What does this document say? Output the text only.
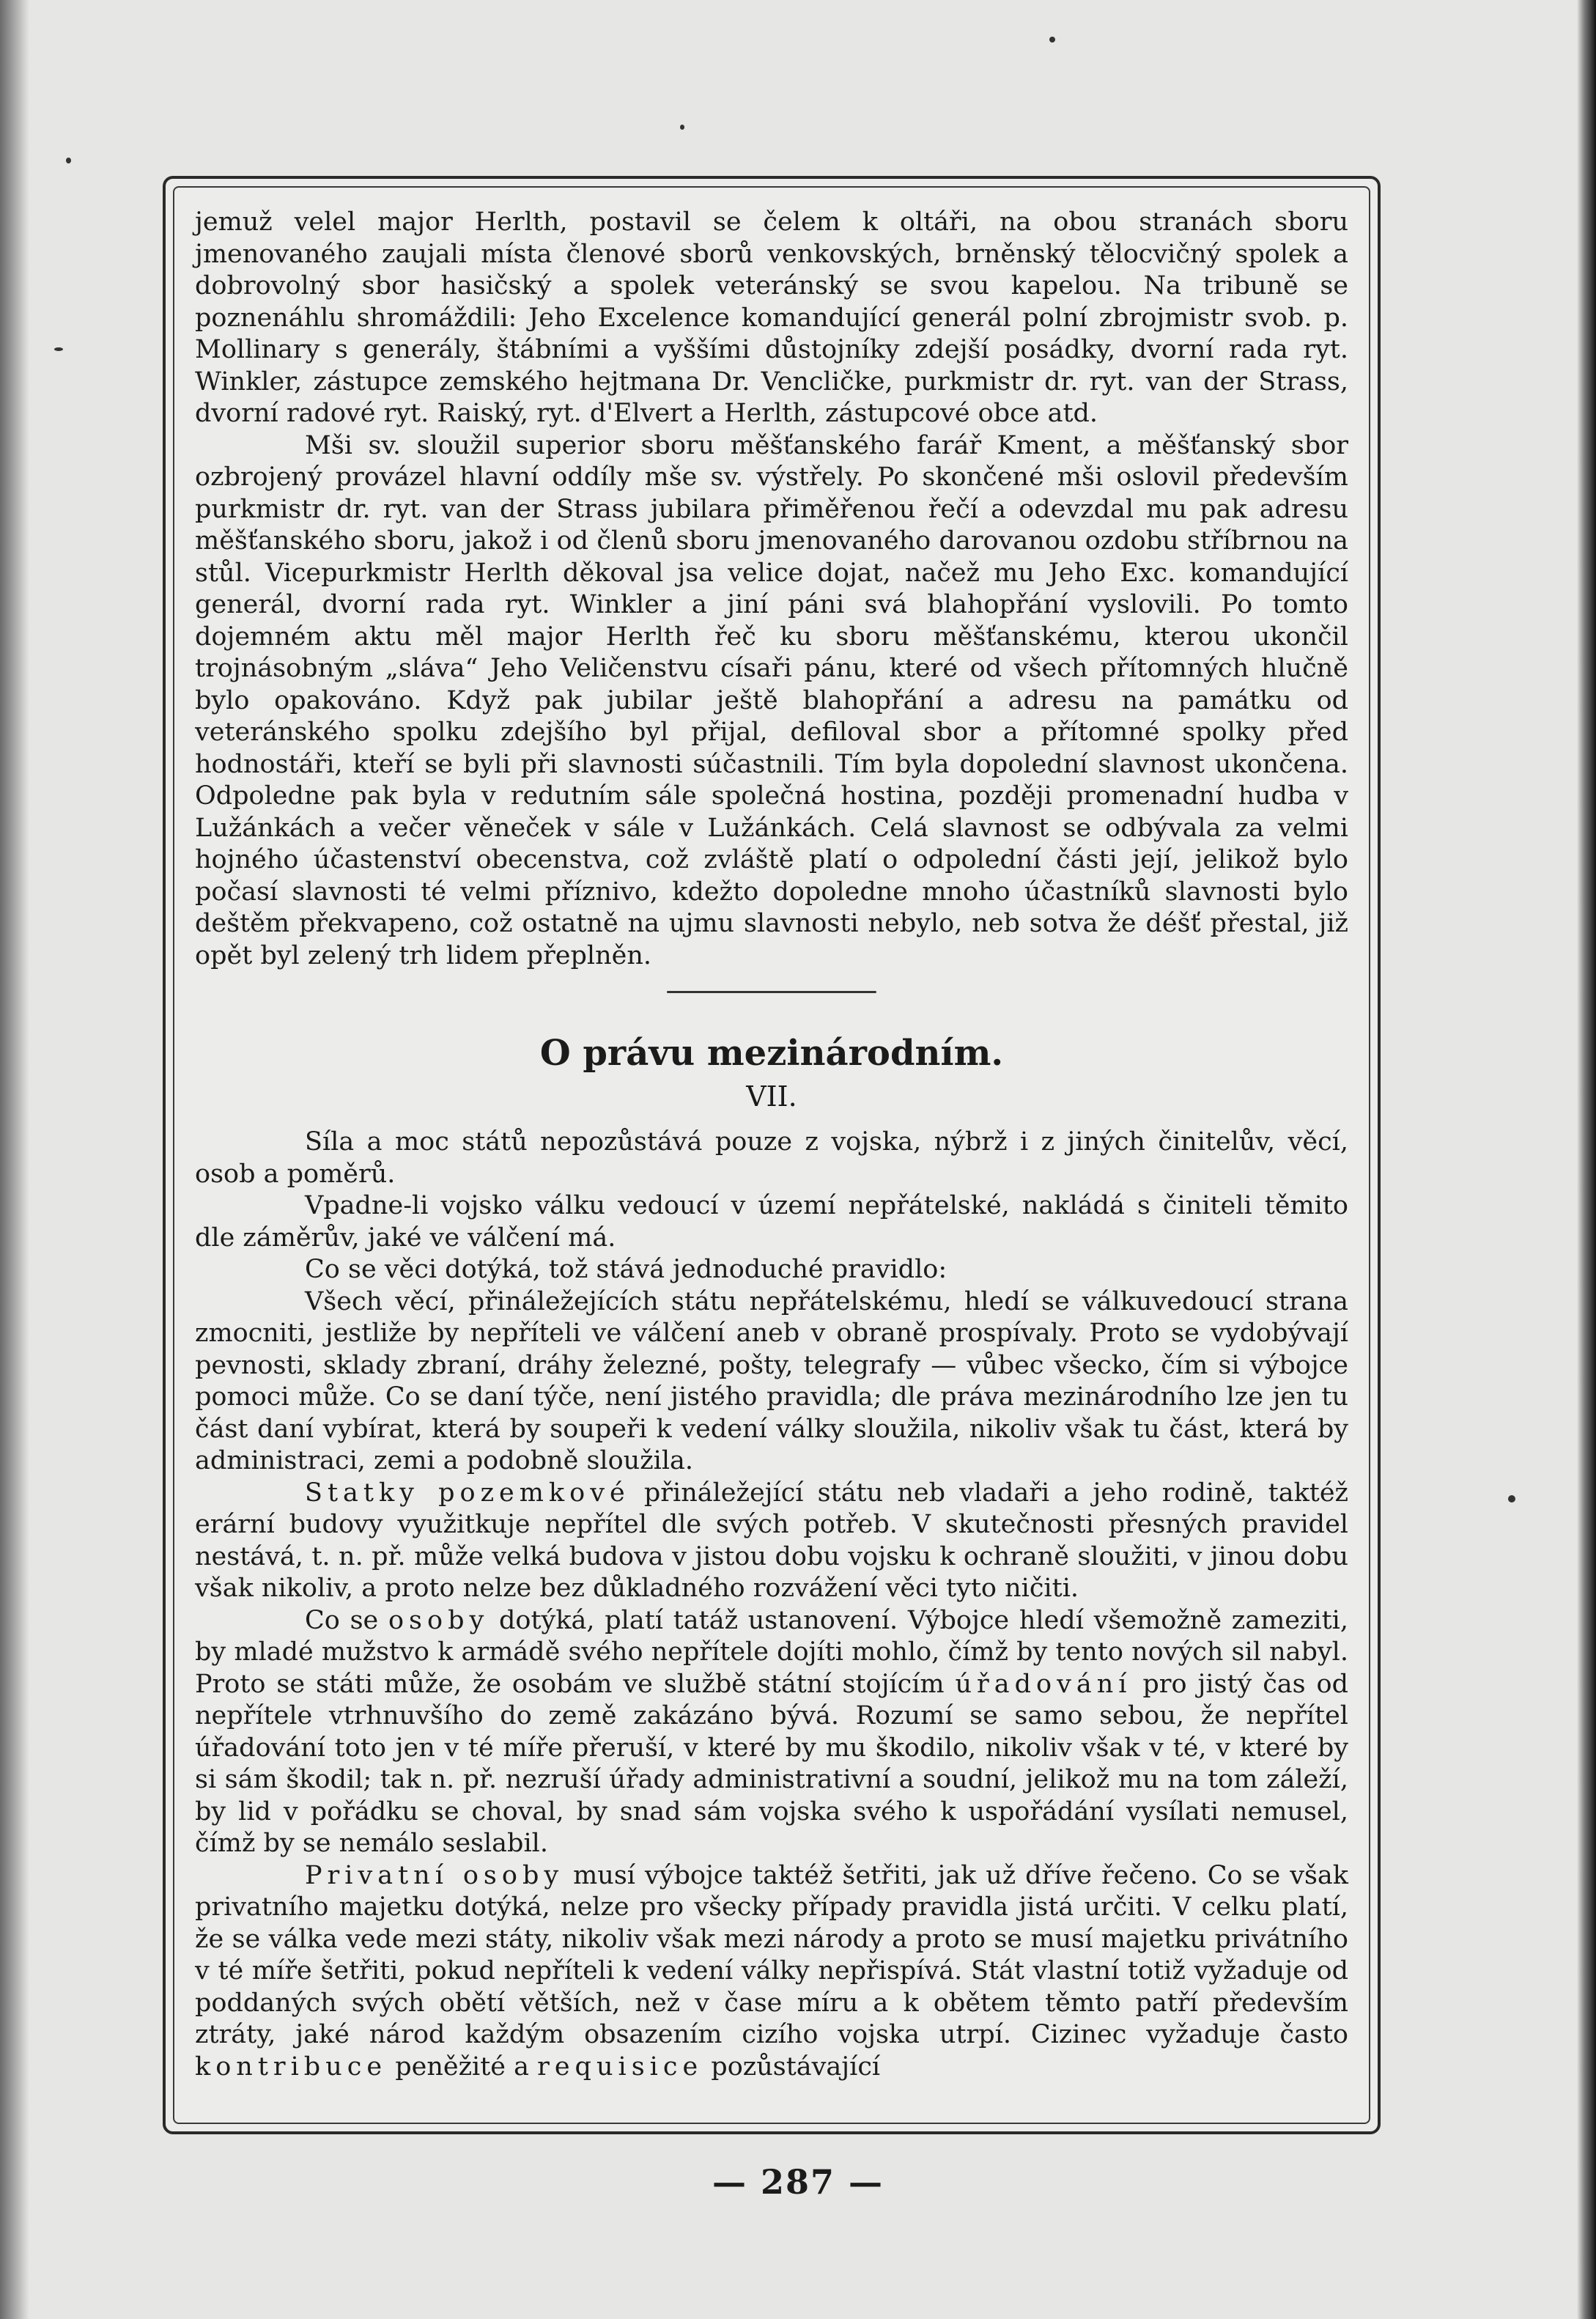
jemuž velel major Herlth, postavil se čelem k oltáři, na obou stranách sboru jmenovaného zaujali místa členové sborů venkovských, brněnský tělocvičný spolek a dobrovolný sbor hasičský a spolek veteránský se svou kapelou. Na tribuně se poznenáhlu shromáždili: Jeho Excelence komandující generál polní zbrojmistr svob. p. Mollinary s generály, štábními a vyššími důstojníky zdejší posádky, dvorní rada ryt. Winkler, zástupce zemského hejtmana Dr. Vencličke, purkmistr dr. ryt. van der Strass, dvorní radové ryt. Raiský, ryt. d'Elvert a Herlth, zástupcové obce atd.

Mši sv. sloužil superior sboru měšťanského farář Kment, a měšťanský sbor ozbrojený provázel hlavní oddíly mše sv. výstřely. Po skončené mši oslovil především purkmistr dr. ryt. van der Strass jubilara přiměřenou řečí a odevzdal mu pak adresu měšťanského sboru, jakož i od členů sboru jmenovaného darovanou ozdobu stříbrnou na stůl. Vicepurkmistr Herlth děkoval jsa velice dojat, načež mu Jeho Exc. komandující generál, dvorní rada ryt. Winkler a jiní páni svá blahopřání vyslovili. Po tomto dojemném aktu měl major Herlth řeč ku sboru měšťanskému, kterou ukončil trojnásobným „sláva“ Jeho Veličenstvu císaři pánu, které od všech přítomných hlučně bylo opakováno. Když pak jubilar ještě blahopřání a adresu na památku od veteránského spolku zdejšího byl přijal, defiloval sbor a přítomné spolky před hodnostáři, kteří se byli při slavnosti súčastnili. Tím byla dopolední slavnost ukončena. Odpoledne pak byla v redutním sále společná hostina, později promenadní hudba v Lužánkách a večer věneček v sále v Lužánkách. Celá slavnost se odbývala za velmi hojného účastenství obecenstva, což zvláště platí o odpolední části její, jelikož bylo počasí slavnosti té velmi příznivo, kdežto dopoledne mnoho účastníků slavnosti bylo deštěm překvapeno, což ostatně na ujmu slavnosti nebylo, neb sotva že déšť přestal, již opět byl zelený trh lidem přeplněn.

O právu mezinárodním.
VII.

Síla a moc států nepozůstává pouze z vojska, nýbrž i z jiných činitelův, věcí, osob a poměrů.

Vpadne-li vojsko válku vedoucí v území nepřátelské, nakládá s činiteli těmito dle záměrův, jaké ve válčení má.

Co se věci dotýká, tož stává jednoduché pravidlo:

Všech věcí, přináležejících státu nepřátelskému, hledí se válkuvedoucí strana zmocniti, jestliže by nepříteli ve válčení aneb v obraně prospívaly. Proto se vydobývají pevnosti, sklady zbraní, dráhy železné, pošty, telegrafy — vůbec všecko, čím si výbojce pomoci může. Co se daní týče, není jistého pravidla; dle práva mezinárodního lze jen tu část daní vybírat, která by soupeři k vedení války sloužila, nikoliv však tu část, která by administraci, zemi a podobně sloužila.

Statky pozemkové přináležející státu neb vladaři a jeho rodině, taktéž erární budovy využitkuje nepřítel dle svých potřeb. V skutečnosti přesných pravidel nestává, t. n. př. může velká budova v jistou dobu vojsku k ochraně sloužiti, v jinou dobu však nikoliv, a proto nelze bez důkladného rozvážení věci tyto ničiti.

Co se osoby dotýká, platí tatáž ustanovení. Výbojce hledí všemožně zameziti, by mladé mužstvo k armádě svého nepřítele dojíti mohlo, čímž by tento nových sil nabyl. Proto se státi může, že osobám ve službě státní stojícím úřadování pro jistý čas od nepřítele vtrhnuvšího do země zakázáno bývá. Rozumí se samo sebou, že nepřítel úřadování toto jen v té míře přeruší, v které by mu škodilo, nikoliv však v té, v které by si sám škodil; tak n. př. nezruší úřady administrativní a soudní, jelikož mu na tom záleží, by lid v pořádku se choval, by snad sám vojska svého k uspořádání vysílati nemusel, čímž by se nemálo seslabil.

Privatní osoby musí výbojce taktéž šetřiti, jak už dříve řečeno. Co se však privatního majetku dotýká, nelze pro všecky případy pravidla jistá určiti. V celku platí, že se válka vede mezi státy, nikoliv však mezi národy a proto se musí majetku privátního v té míře šetřiti, pokud nepříteli k vedení války nepřispívá. Stát vlastní totiž vyžaduje od poddaných svých obětí větších, než v čase míru a k obětem těmto patří především ztráty, jaké národ každým obsazením cizího vojska utrpí. Cizinec vyžaduje často kontribuce peněžité a requisice pozůstávající

— 287 —
